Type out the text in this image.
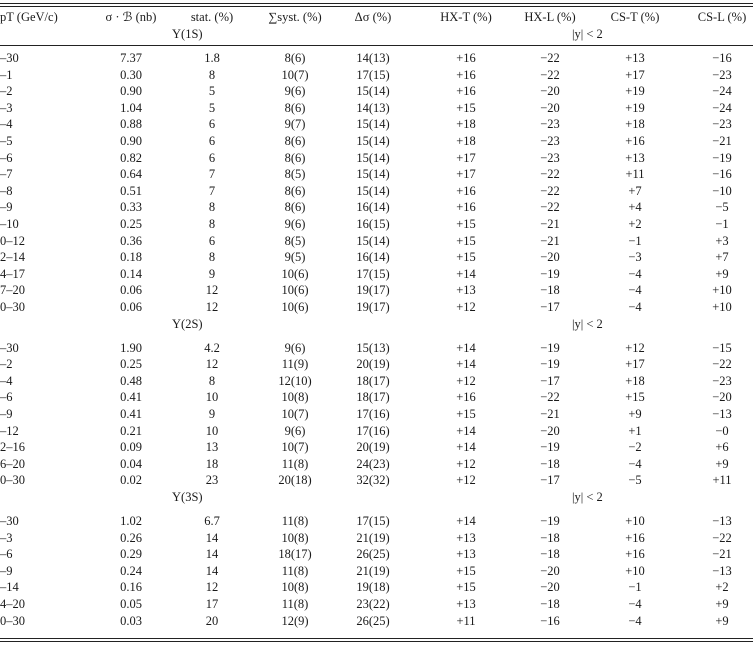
pT (GeV/c)	σ · ℬ (nb)	stat. (%)	∑syst. (%)	Δσ (%)	HX-T (%)	HX-L (%)	CS-T (%)	CS-L (%)
Υ(1S)	|y| < 2
–30	7.37	1.8	8(6)	14(13)	+16	−22	+13	−16
–1	0.30	8	10(7)	17(15)	+16	−22	+17	−23
–2	0.90	5	9(6)	15(14)	+16	−20	+19	−24
–3	1.04	5	8(6)	14(13)	+15	−20	+19	−24
–4	0.88	6	9(7)	15(14)	+18	−23	+18	−23
–5	0.90	6	8(6)	15(14)	+18	−23	+16	−21
–6	0.82	6	8(6)	15(14)	+17	−23	+13	−19
–7	0.64	7	8(5)	15(14)	+17	−22	+11	−16
–8	0.51	7	8(6)	15(14)	+16	−22	+7	−10
–9	0.33	8	8(6)	16(14)	+16	−22	+4	−5
–10	0.25	8	9(6)	16(15)	+15	−21	+2	−1
0–12	0.36	6	8(5)	15(14)	+15	−21	−1	+3
2–14	0.18	8	9(5)	16(14)	+15	−20	−3	+7
4–17	0.14	9	10(6)	17(15)	+14	−19	−4	+9
7–20	0.06	12	10(6)	19(17)	+13	−18	−4	+10
0–30	0.06	12	10(6)	19(17)	+12	−17	−4	+10
Υ(2S)	|y| < 2
–30	1.90	4.2	9(6)	15(13)	+14	−19	+12	−15
–2	0.25	12	11(9)	20(19)	+14	−19	+17	−22
–4	0.48	8	12(10)	18(17)	+12	−17	+18	−23
–6	0.41	10	10(8)	18(17)	+16	−22	+15	−20
–9	0.41	9	10(7)	17(16)	+15	−21	+9	−13
–12	0.21	10	9(6)	17(16)	+14	−20	+1	−0
2–16	0.09	13	10(7)	20(19)	+14	−19	−2	+6
6–20	0.04	18	11(8)	24(23)	+12	−18	−4	+9
0–30	0.02	23	20(18)	32(32)	+12	−17	−5	+11
Υ(3S)	|y| < 2
–30	1.02	6.7	11(8)	17(15)	+14	−19	+10	−13
–3	0.26	14	10(8)	21(19)	+13	−18	+16	−22
–6	0.29	14	18(17)	26(25)	+13	−18	+16	−21
–9	0.24	14	11(8)	21(19)	+15	−20	+10	−13
–14	0.16	12	10(8)	19(18)	+15	−20	−1	+2
4–20	0.05	17	11(8)	23(22)	+13	−18	−4	+9
0–30	0.03	20	12(9)	26(25)	+11	−16	−4	+9
